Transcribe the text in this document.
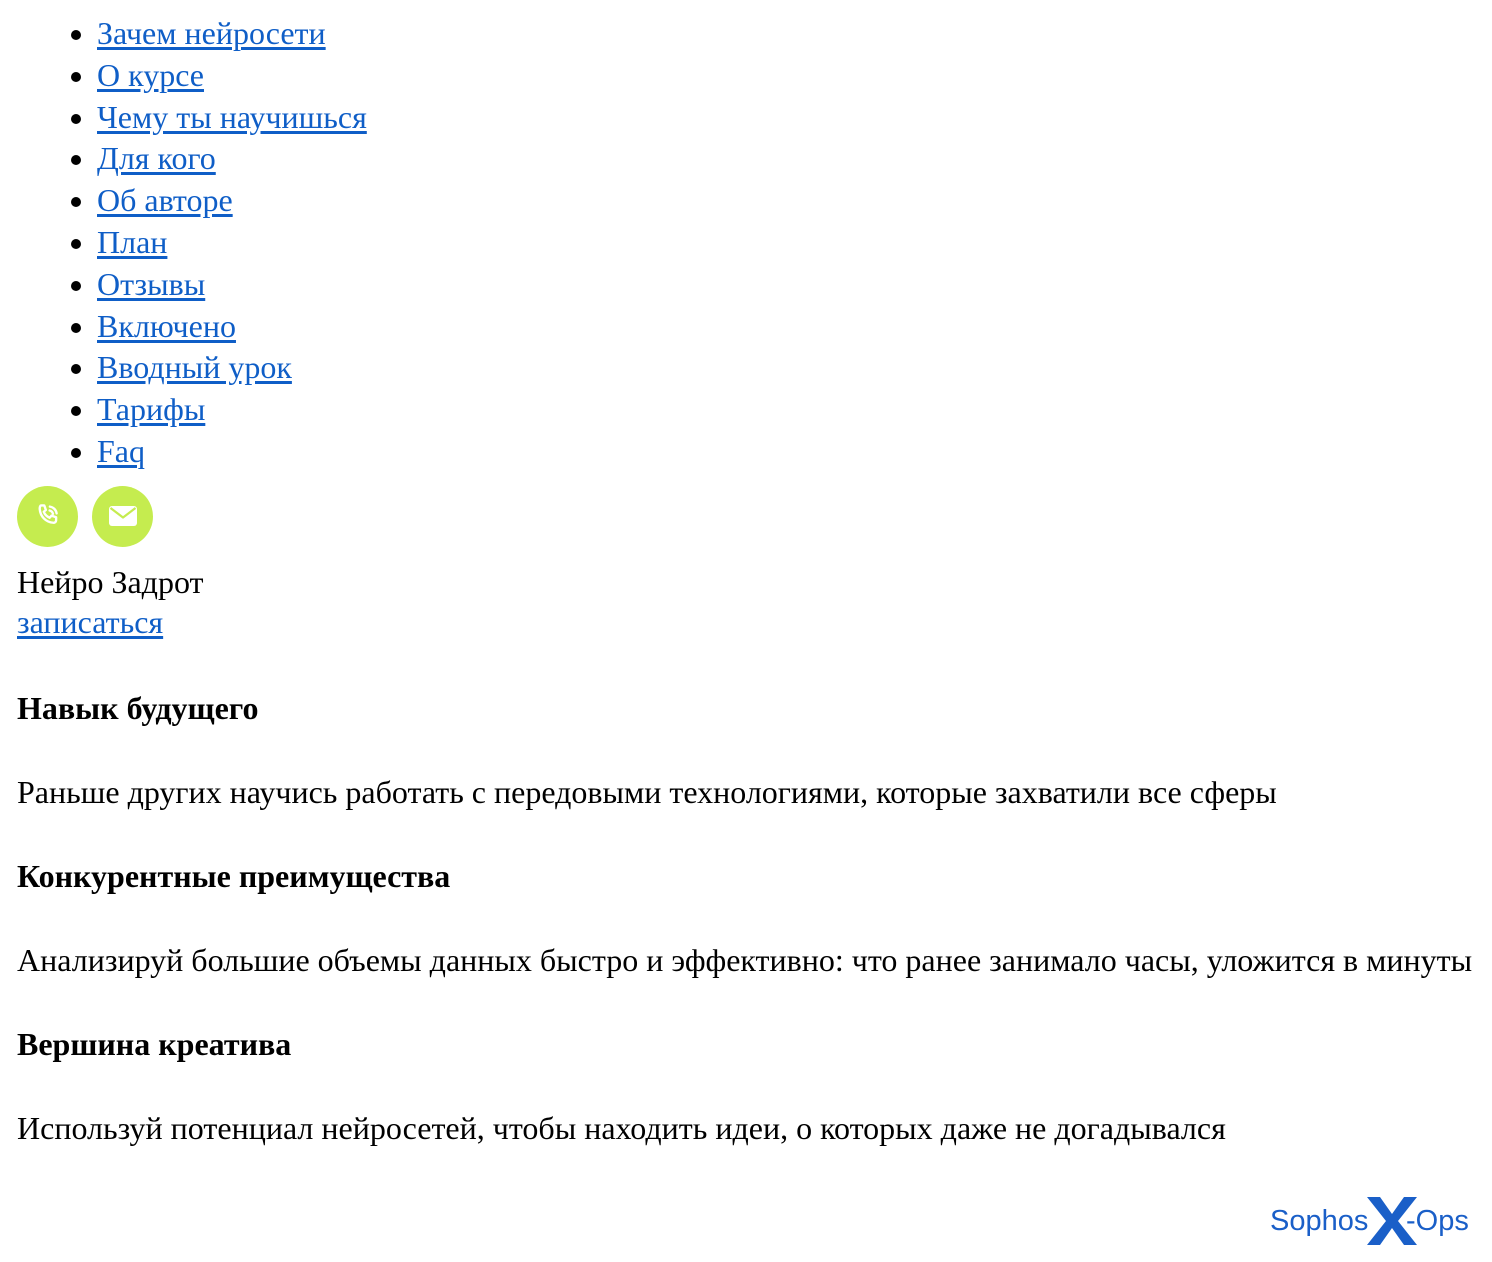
• Зачем нейросети
• О курсе
• Чему ты научишься
• Для кого
• Об авторе
• План
• Отзывы
• Включено
• Вводный урок
• Тарифы
• Faq
Нейро Задрот
записаться
Навык будущего

Раньше других научись работать с передовыми технологиями, которые захватили все сферы

Конкурентные преимущества

Анализируй большие объемы данных быстро и эффективно: что ранее занимало часы, уложится в минуты

Вершина креатива

Используй потенциал нейросетей, чтобы находить идеи, о которых даже не догадывался

Sophos -Ops
